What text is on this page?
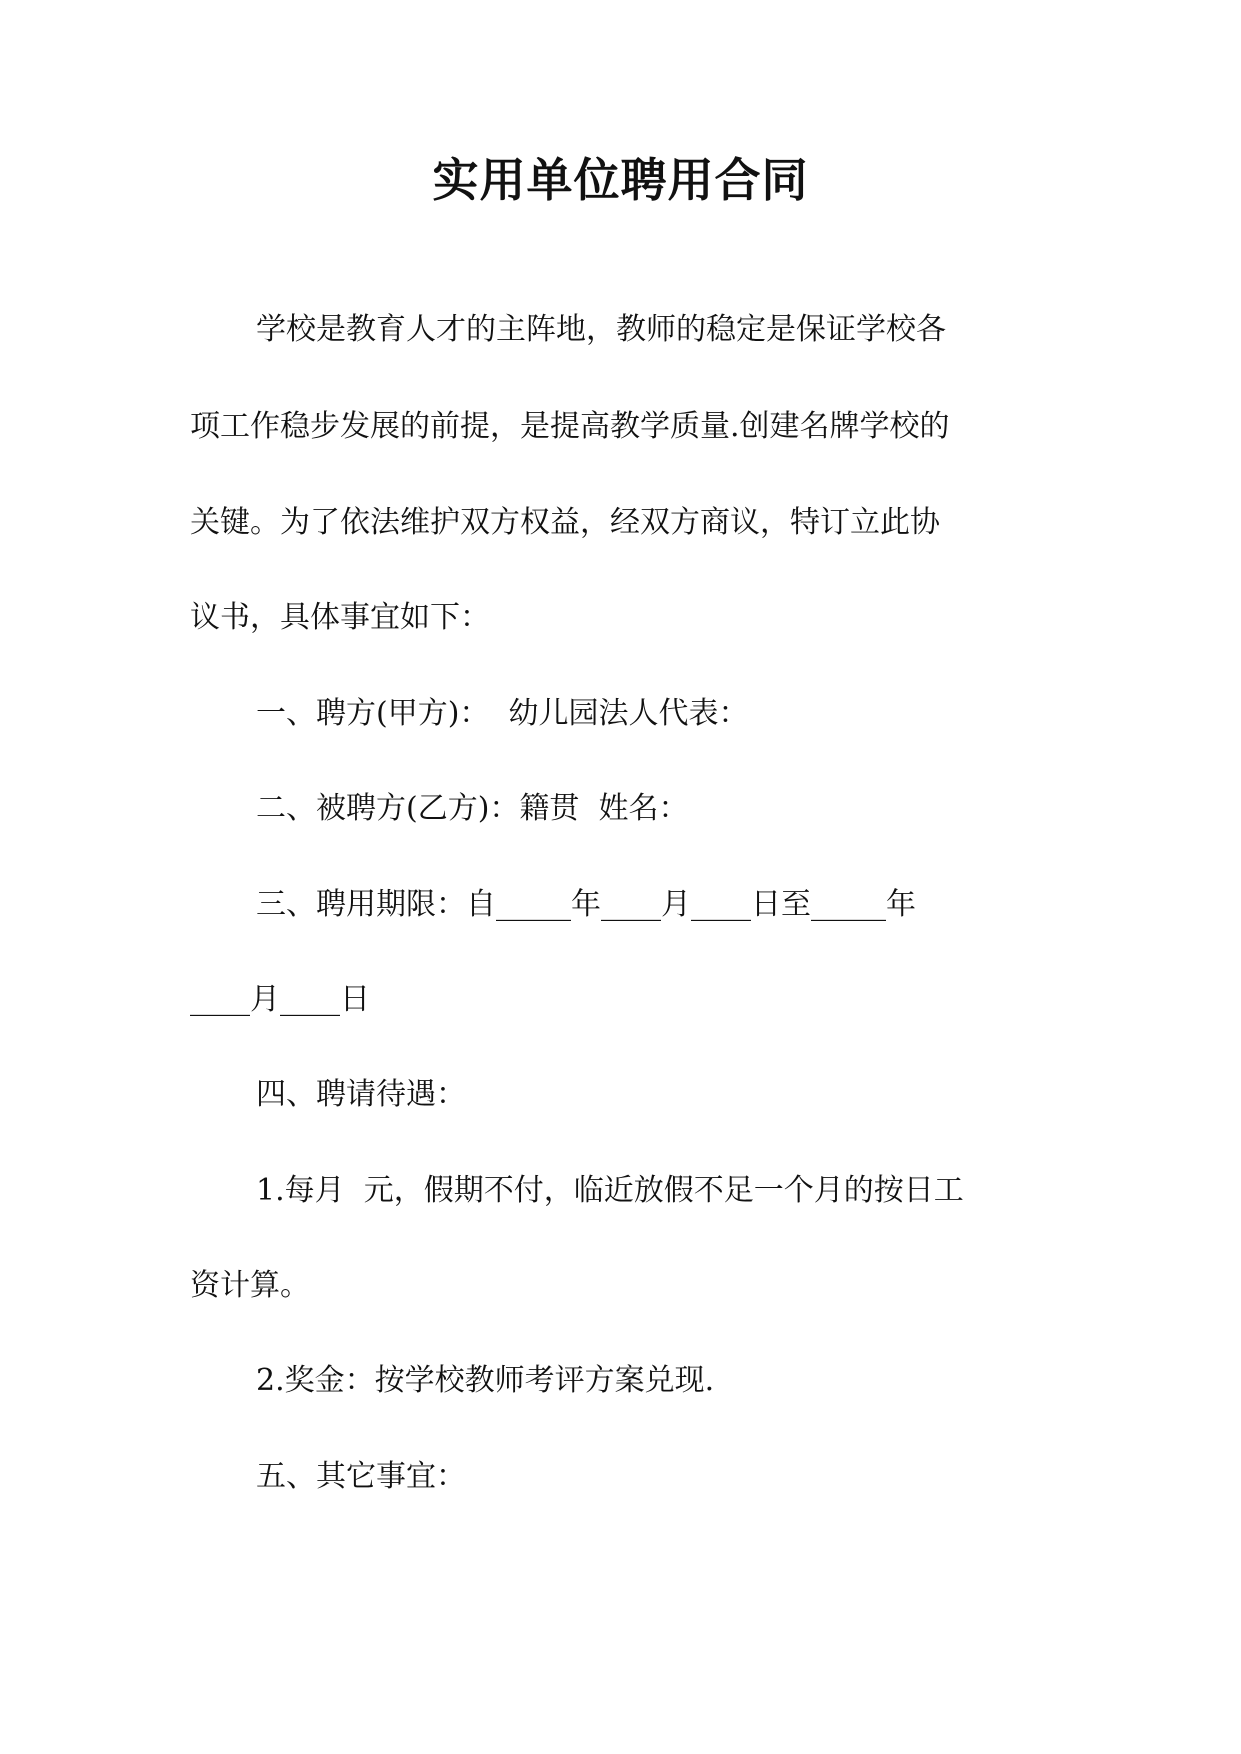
实用单位聘用合同

学校是教育人才的主阵地，教师的稳定是保证学校各

项工作稳步发展的前提，是提高教学质量.创建名牌学校的

关键。为了依法维护双方权益，经双方商议，特订立此协

议书，具体事宜如下：

一、聘方(甲方)：  幼儿园法人代表：

二、被聘方(乙方)：籍贯  姓名：

三、聘用期限：自_____年____月____日至_____年

____月____日

四、聘请待遇：

1.每月  元，假期不付，临近放假不足一个月的按日工

资计算。

2.奖金：按学校教师考评方案兑现.

五、其它事宜：
